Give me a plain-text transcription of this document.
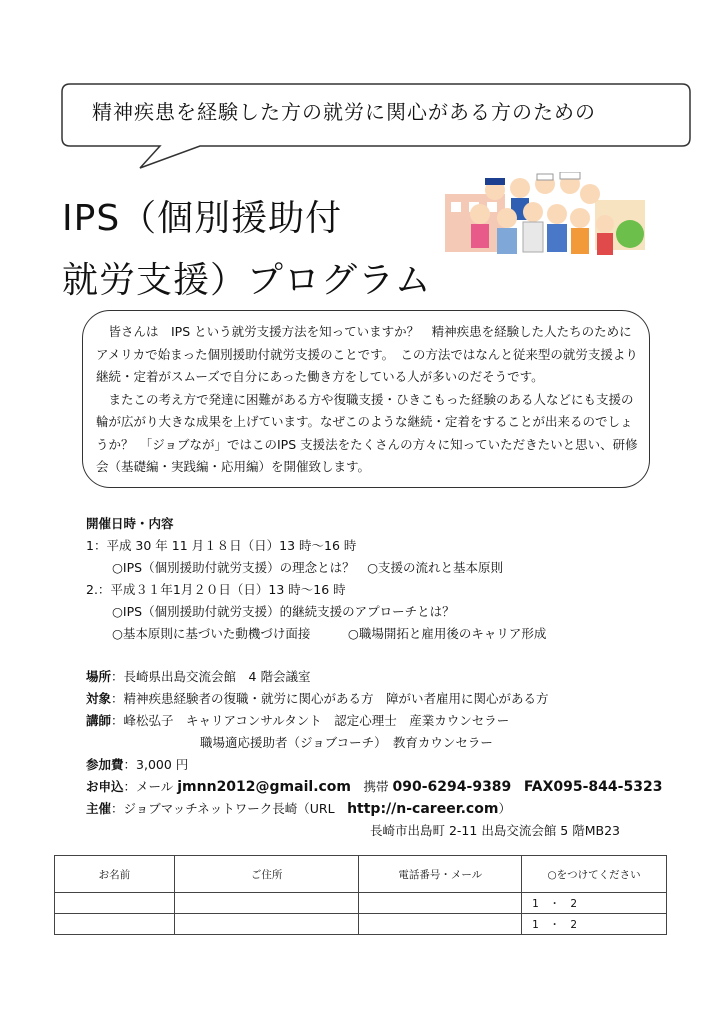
精神疾患を経験した方の就労に関心がある方のための
IPS（個別援助付
就労支援）プログラム

皆さんは　IPS という就労支援方法を知っていますか？　精神疾患を経験した人たちのためにアメリカで始まった個別援助付就労支援のことです。　この方法ではなんと従来型の就労支援より継続・定着がスムーズで自分にあった働き方をしている人が多いのだそうです。

またこの考え方で発達に困難がある方や復職支援・ひきこもった経験のある人などにも支援の輪が広がり大きな成果を上げています。なぜこのような継続・定着をすることが出来るのでしょうか？　「ジョブなが」ではこのIPS 支援法をたくさんの方々に知っていただきたいと思い、研修会（基礎編・実践編・応用編）を開催致します。

開催日時・内容
1：平成 30 年 11 月１８日（日）13 時〜16 時
○IPS（個別援助付就労支援）の理念とは？　○支援の流れと基本原則
2.：平成３１年1月２０日（日）13 時〜16 時
○IPS（個別援助付就労支援）的継続支援のアプローチとは？
○基本原則に基づいた動機づけ面接　　　○職場開拓と雇用後のキャリア形成
場所：長崎県出島交流会館　4 階会議室
対象：精神疾患経験者の復職・就労に関心がある方　障がい者雇用に関心がある方
講師：峰松弘子　キャリアコンサルタント　認定心理士　産業カウンセラー
職場適応援助者（ジョブコーチ）　教育カウンセラー
参加費：3,000 円
お申込：メール jmnn2012@gmail.com　 携帯 090-6294-9389　 FAX095-844-5323
主催：ジョブマッチネットワーク長崎（URL　http://n-career.com）
長崎市出島町 2-11 出島交流会館 5 階MB23
お名前	ご住所	電話番号・メール	○をつけてください
			1　・　2
			1　・　2
